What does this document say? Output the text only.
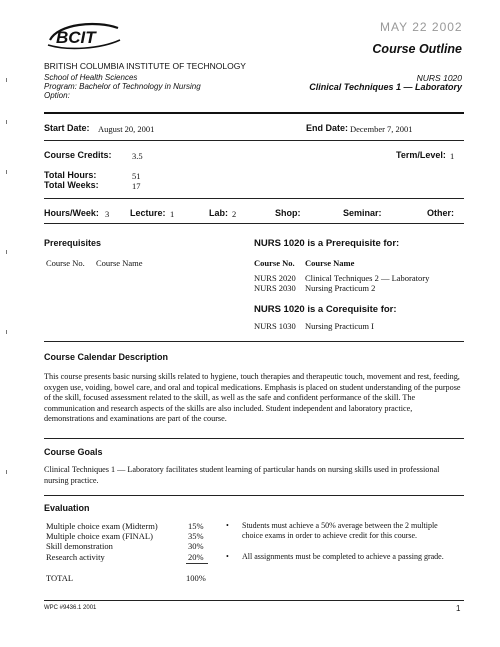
BCIT
MAY 22 2002
BRITISH COLUMBIA INSTITUTE OF TECHNOLOGY
School of Health Sciences
Program: Bachelor of Technology in Nursing
Option:
Course Outline
NURS 1020
Clinical Techniques 1 — Laboratory
Start Date: August 20, 2001	End Date: December 7, 2001
Course Credits: 3.5	Term/Level: 1
Total Hours:	51
Total Weeks:	17
Hours/Week: 3 Lecture: 1	Lab: 2	Shop:	Seminar:	Other:
Prerequisites
Course No. Course Name
NURS 1020 is a Prerequisite for:
Course No. Course Name
NURS 2020 Clinical Techniques 2 — Laboratory
NURS 2030 Nursing Practicum 2
NURS 1020 is a Corequisite for:
NURS 1030 Nursing Practicum I
Course Calendar Description
This course presents basic nursing skills related to hygiene, touch therapies and therapeutic touch, movement and rest, feeding, oxygen use, voiding, bowel care, and oral and topical medications. Emphasis is placed on student understanding of the purpose of the skill, focused assessment related to the skill, as well as the safe and confident performance of the skill. The communication and research aspects of the skills are also included. Student independent and laboratory practice, demonstrations and examinations are part of the course.
Course Goals
Clinical Techniques 1 — Laboratory facilitates student learning of particular hands on nursing skills used in professional nursing practice.
Evaluation
Multiple choice exam (Midterm)	15%
Multiple choice exam (FINAL)	35%
Skill demonstration	30%
Research activity	20%
TOTAL	100%
• Students must achieve a 50% average between the 2 multiple choice exams in order to achieve credit for this course.
• All assignments must be completed to achieve a passing grade.
WPC #9436.1 2001	1
